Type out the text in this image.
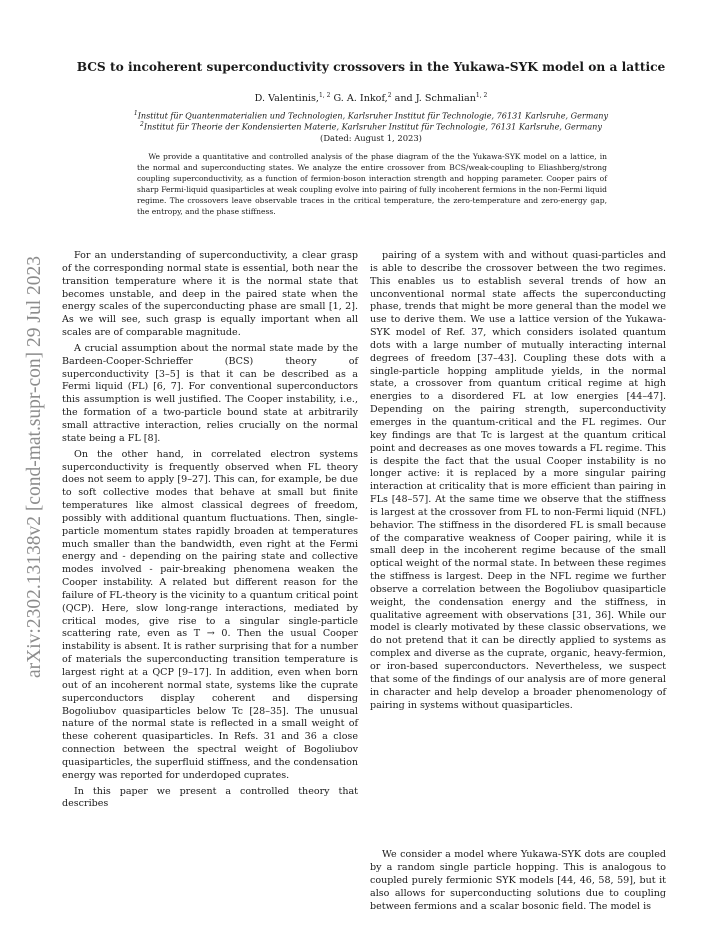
arXiv:2302.13138v2 [cond-mat.supr-con] 29 Jul 2023
BCS to incoherent superconductivity crossovers in the Yukawa-SYK model on a lattice
D. Valentinis,$^{1, 2}$ G. A. Inkof,$^2$ and J. Schmalian$^{1, 2}$
$^1$Institut für Quantenmaterialien und Technologien, Karlsruher Institut für Technologie, 76131 Karlsruhe, Germany
$^2$Institut für Theorie der Kondensierten Materie, Karlsruher Institut für Technologie, 76131 Karlsruhe, Germany
(Dated: August 1, 2023)
We provide a quantitative and controlled analysis of the phase diagram of the the Yukawa-SYK model on a lattice, in the normal and superconducting states. We analyze the entire crossover from BCS/weak-coupling to Eliashberg/strong coupling superconductivity, as a function of fermion-boson interaction strength and hopping parameter. Cooper pairs of sharp Fermi-liquid quasiparticles at weak coupling evolve into pairing of fully incoherent fermions in the non-Fermi liquid regime. The crossovers leave observable traces in the critical temperature, the zero-temperature and zero-energy gap, the entropy, and the phase stiffness.

For an understanding of superconductivity, a clear grasp of the corresponding normal state is essential, both near the transition temperature where it is the normal state that becomes unstable, and deep in the paired state when the energy scales of the superconducting phase are small [1, 2]. As we will see, such grasp is equally important when all scales are of comparable magnitude.

A crucial assumption about the normal state made by the Bardeen-Cooper-Schrieffer (BCS) theory of superconductivity [3–5] is that it can be described as a Fermi liquid (FL) [6, 7]. For conventional superconductors this assumption is well justified. The Cooper instability, i.e., the formation of a two-particle bound state at arbitrarily small attractive interaction, relies crucially on the normal state being a FL [8].

On the other hand, in correlated electron systems superconductivity is frequently observed when FL theory does not seem to apply [9–27]. This can, for example, be due to soft collective modes that behave at small but finite temperatures like almost classical degrees of freedom, possibly with additional quantum fluctuations. Then, single-particle momentum states rapidly broaden at temperatures much smaller than the bandwidth, even right at the Fermi energy and - depending on the pairing state and collective modes involved - pair-breaking phenomena weaken the Cooper instability. A related but different reason for the failure of FL-theory is the vicinity to a quantum critical point (QCP). Here, slow long-range interactions, mediated by critical modes, give rise to a singular single-particle scattering rate, even as T → 0. Then the usual Cooper instability is absent. It is rather surprising that for a number of materials the superconducting transition temperature is largest right at a QCP [9–17]. In addition, even when born out of an incoherent normal state, systems like the cuprate superconductors display coherent and dispersing Bogoliubov quasiparticles below Tc [28–35]. The unusual nature of the normal state is reflected in a small weight of these coherent quasiparticles. In Refs. 31 and 36 a close connection between the spectral weight of Bogoliubov quasiparticles, the superfluid stiffness, and the condensation energy was reported for underdoped cuprates.

In this paper we present a controlled theory that describes

pairing of a system with and without quasi-particles and is able to describe the crossover between the two regimes. This enables us to establish several trends of how an unconventional normal state affects the superconducting phase, trends that might be more general than the model we use to derive them. We use a lattice version of the Yukawa-SYK model of Ref. 37, which considers isolated quantum dots with a large number of mutually interacting internal degrees of freedom [37–43]. Coupling these dots with a single-particle hopping amplitude yields, in the normal state, a crossover from quantum critical regime at high energies to a disordered FL at low energies [44–47]. Depending on the pairing strength, superconductivity emerges in the quantum-critical and the FL regimes. Our key findings are that Tc is largest at the quantum critical point and decreases as one moves towards a FL regime. This is despite the fact that the usual Cooper instability is no longer active: it is replaced by a more singular pairing interaction at criticality that is more efficient than pairing in FLs [48–57]. At the same time we observe that the stiffness is largest at the crossover from FL to non-Fermi liquid (NFL) behavior. The stiffness in the disordered FL is small because of the comparative weakness of Cooper pairing, while it is small deep in the incoherent regime because of the small optical weight of the normal state. In between these regimes the stiffness is largest. Deep in the NFL regime we further observe a correlation between the Bogoliubov quasiparticle weight, the condensation energy and the stiffness, in qualitative agreement with observations [31, 36]. While our model is clearly motivated by these classic observations, we do not pretend that it can be directly applied to systems as complex and diverse as the cuprate, organic, heavy-fermion, or iron-based superconductors. Nevertheless, we suspect that some of the findings of our analysis are of more general in character and help develop a broader phenomenology of pairing in systems without quasiparticles.

We consider a model where Yukawa-SYK dots are coupled by a random single particle hopping. This is analogous to coupled purely fermionic SYK models [44, 46, 58, 59], but it also allows for superconducting solutions due to coupling between fermions and a scalar bosonic field. The model is
